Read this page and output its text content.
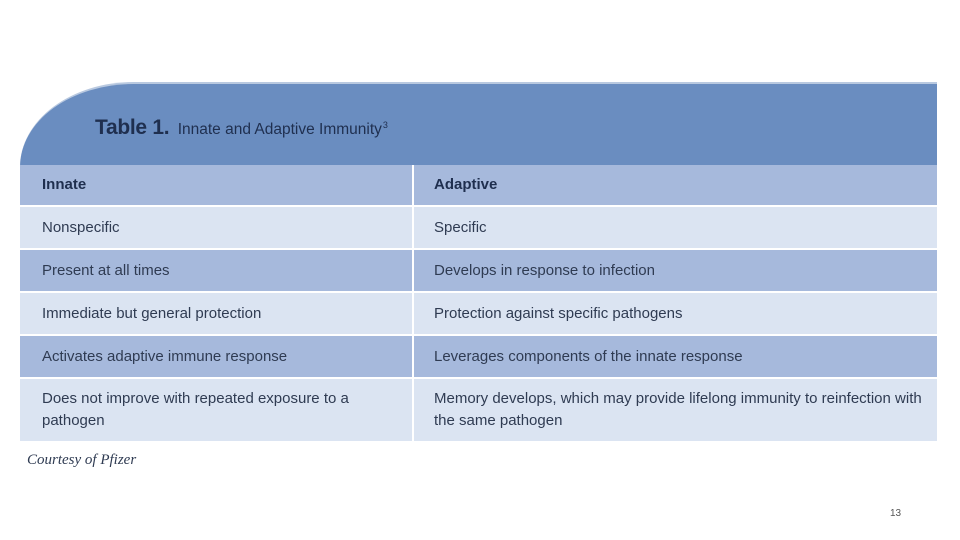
Table 1. Innate and Adaptive Immunity$^3$
Innate	Adaptive
Nonspecific	Specific
Present at all times	Develops in response to infection
Immediate but general protection	Protection against specific pathogens
Activates adaptive immune response	Leverages components of the innate response
Does not improve with repeated exposure to a pathogen	Memory develops, which may provide lifelong immunity to reinfection with the same pathogen
Courtesy of Pfizer
13
